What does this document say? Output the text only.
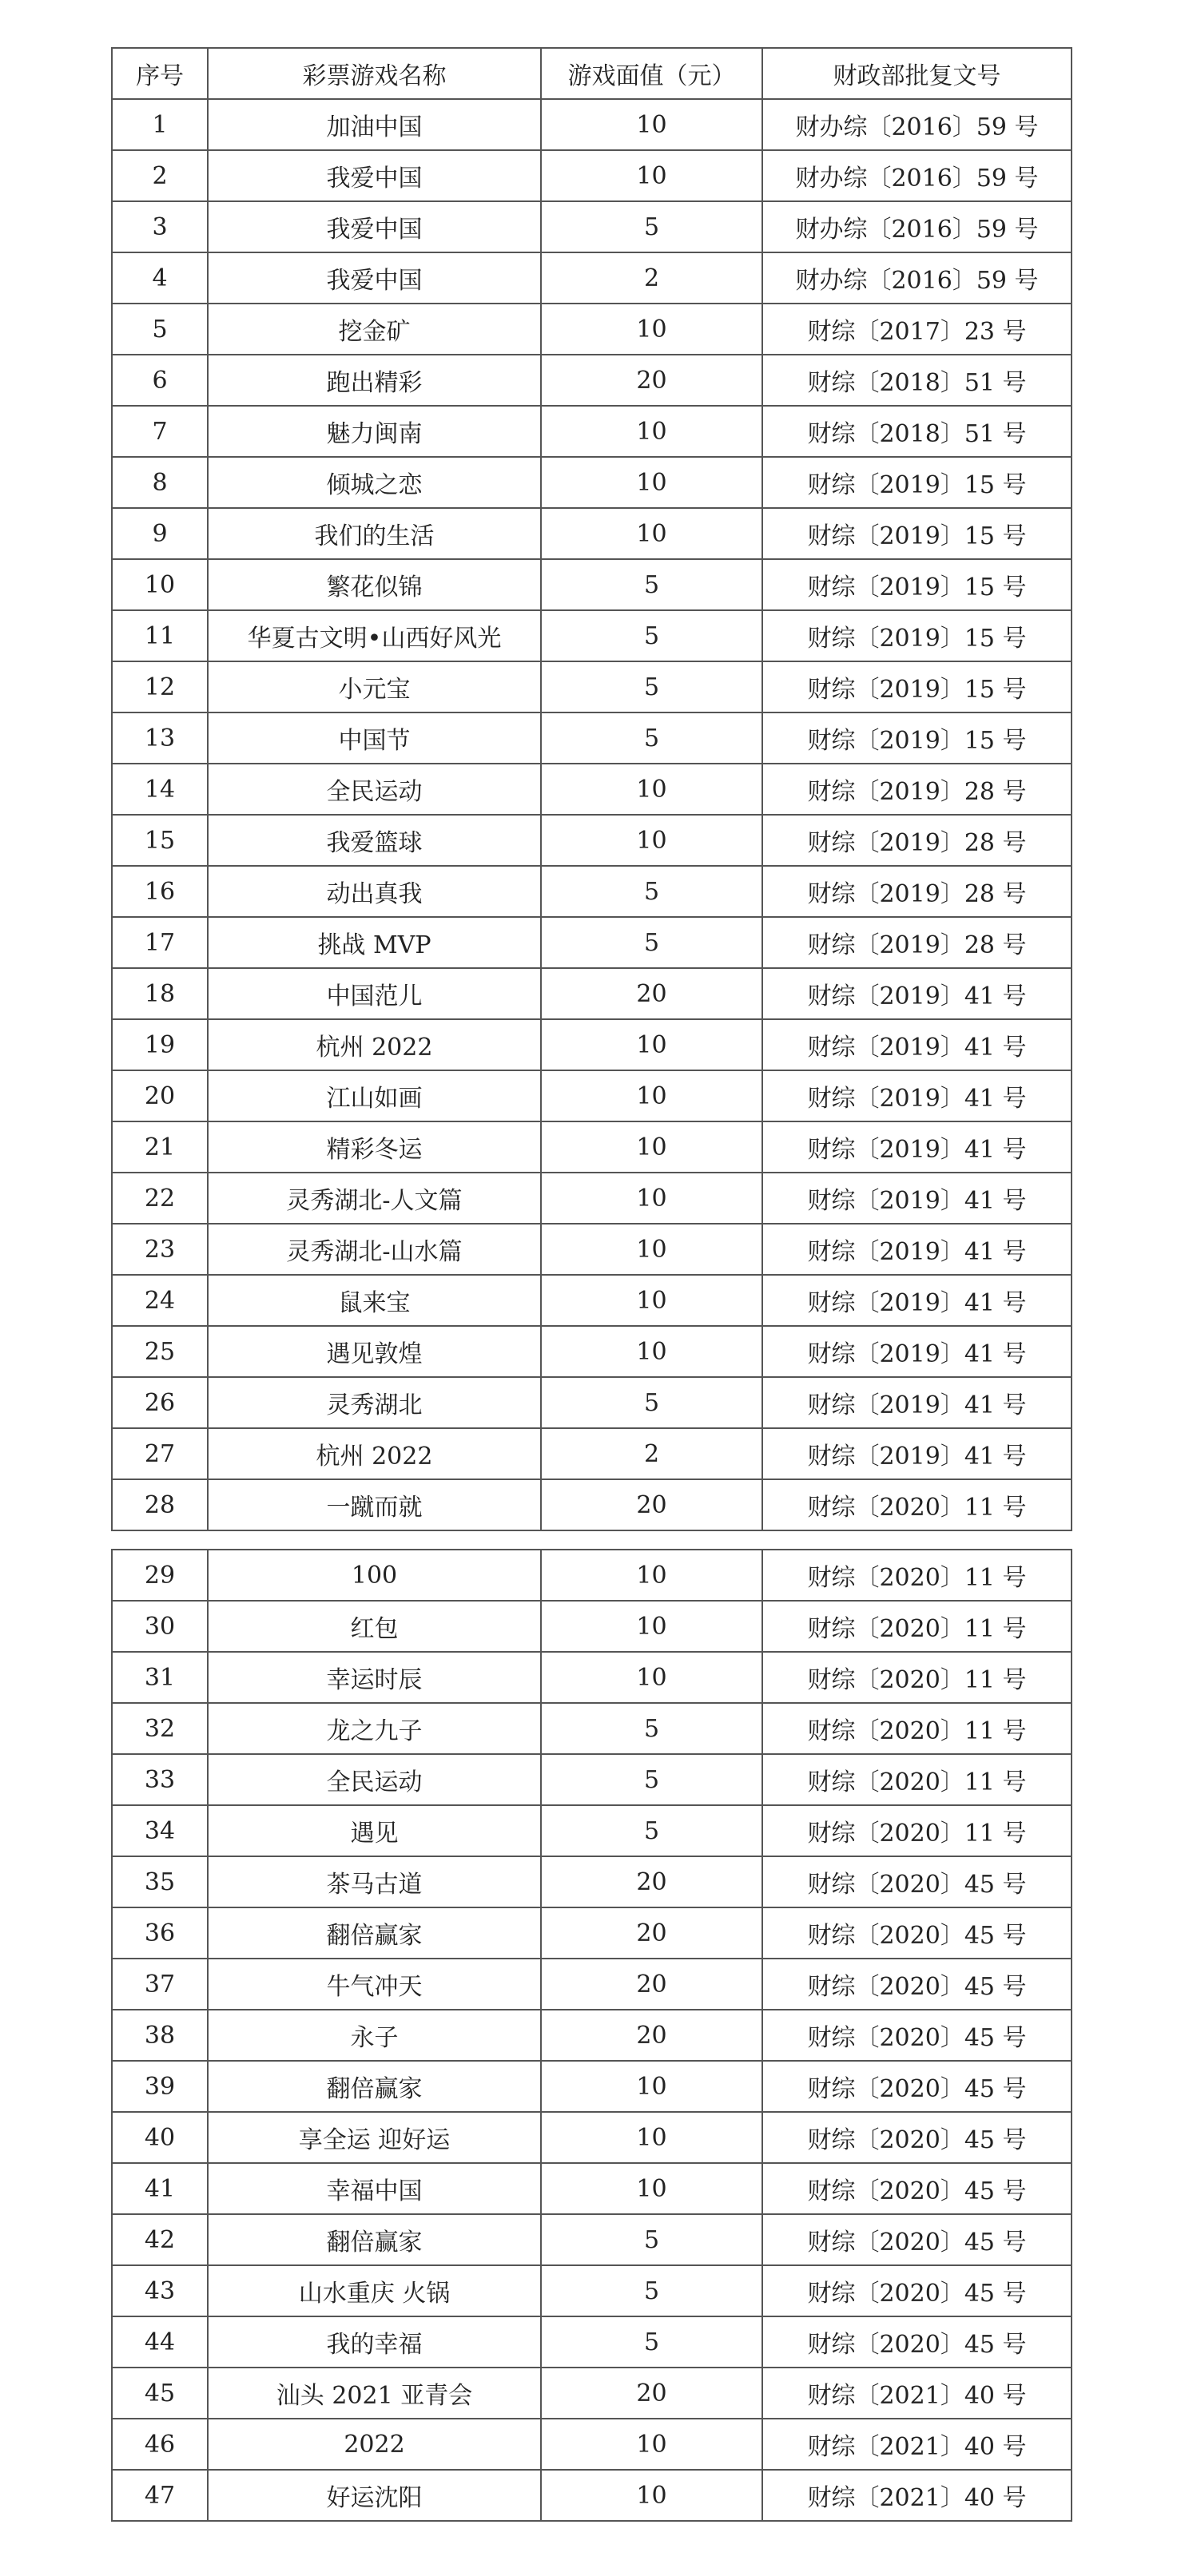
序号	彩票游戏名称	游戏面值（元）	财政部批复文号
1	加油中国	10	财办综〔2016〕59 号
2	我爱中国	10	财办综〔2016〕59 号
3	我爱中国	5	财办综〔2016〕59 号
4	我爱中国	2	财办综〔2016〕59 号
5	挖金矿	10	财综〔2017〕23 号
6	跑出精彩	20	财综〔2018〕51 号
7	魅力闽南	10	财综〔2018〕51 号
8	倾城之恋	10	财综〔2019〕15 号
9	我们的生活	10	财综〔2019〕15 号
10	繁花似锦	5	财综〔2019〕15 号
11	华夏古文明•山西好风光	5	财综〔2019〕15 号
12	小元宝	5	财综〔2019〕15 号
13	中国节	5	财综〔2019〕15 号
14	全民运动	10	财综〔2019〕28 号
15	我爱篮球	10	财综〔2019〕28 号
16	动出真我	5	财综〔2019〕28 号
17	挑战 MVP	5	财综〔2019〕28 号
18	中国范儿	20	财综〔2019〕41 号
19	杭州 2022	10	财综〔2019〕41 号
20	江山如画	10	财综〔2019〕41 号
21	精彩冬运	10	财综〔2019〕41 号
22	灵秀湖北-人文篇	10	财综〔2019〕41 号
23	灵秀湖北-山水篇	10	财综〔2019〕41 号
24	鼠来宝	10	财综〔2019〕41 号
25	遇见敦煌	10	财综〔2019〕41 号
26	灵秀湖北	5	财综〔2019〕41 号
27	杭州 2022	2	财综〔2019〕41 号
28	一蹴而就	20	财综〔2020〕11 号
29	100	10	财综〔2020〕11 号
30	红包	10	财综〔2020〕11 号
31	幸运时辰	10	财综〔2020〕11 号
32	龙之九子	5	财综〔2020〕11 号
33	全民运动	5	财综〔2020〕11 号
34	遇见	5	财综〔2020〕11 号
35	茶马古道	20	财综〔2020〕45 号
36	翻倍赢家	20	财综〔2020〕45 号
37	牛气冲天	20	财综〔2020〕45 号
38	永子	20	财综〔2020〕45 号
39	翻倍赢家	10	财综〔2020〕45 号
40	享全运 迎好运	10	财综〔2020〕45 号
41	幸福中国	10	财综〔2020〕45 号
42	翻倍赢家	5	财综〔2020〕45 号
43	山水重庆 火锅	5	财综〔2020〕45 号
44	我的幸福	5	财综〔2020〕45 号
45	汕头 2021 亚青会	20	财综〔2021〕40 号
46	2022	10	财综〔2021〕40 号
47	好运沈阳	10	财综〔2021〕40 号
